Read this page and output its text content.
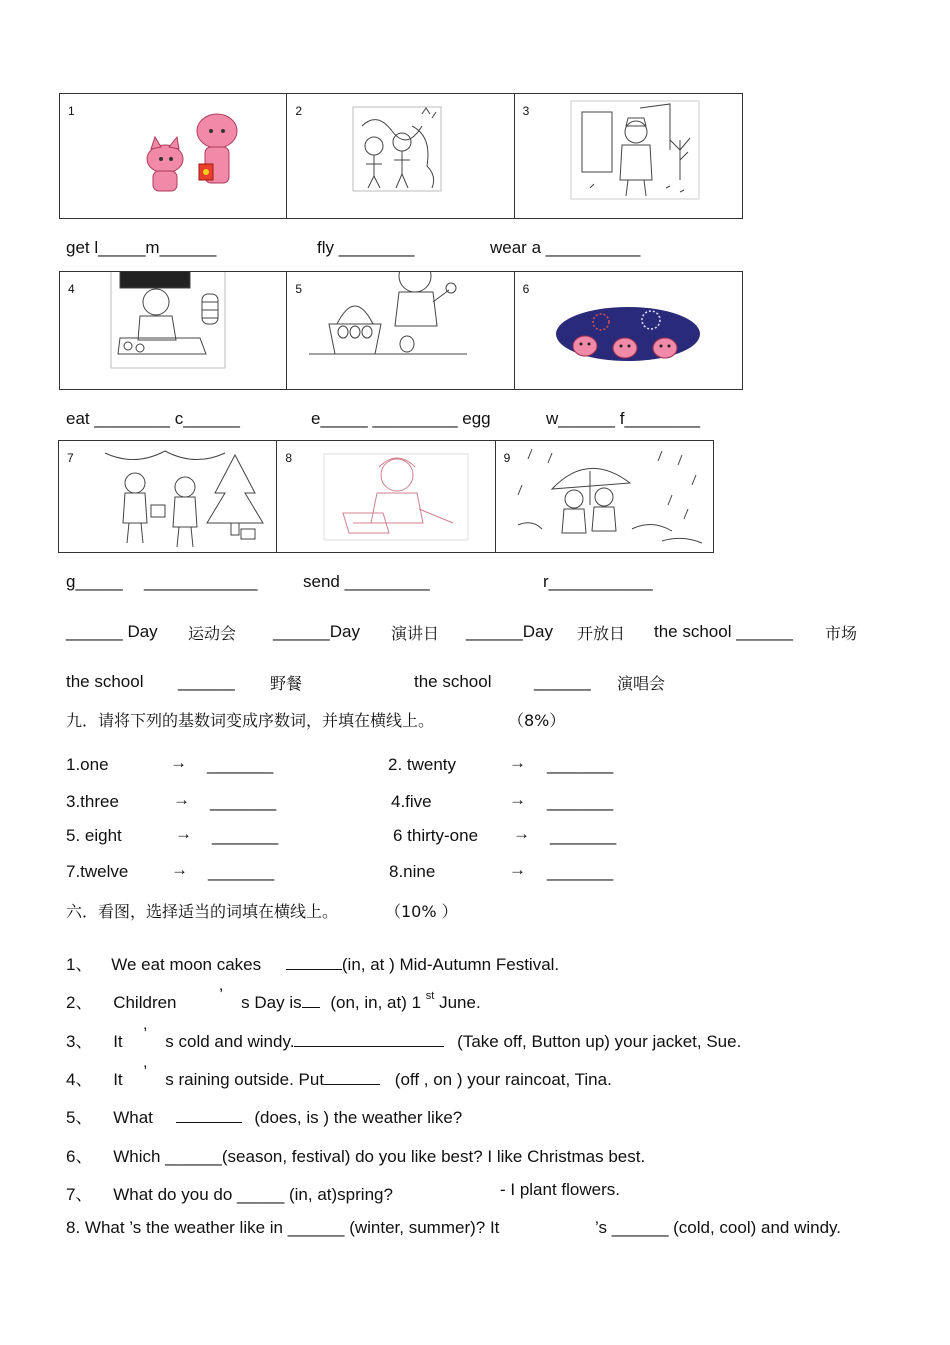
1	2	3
get l_____m______	fly ________	wear a __________
4	5	6
eat ________ c______	e_____ _________ egg	w______ f________
7	8	9
g_____ ____________	send _________	r___________
______ Day 运动会 ______Day 演讲日 ______Day 开放日 the school ______ 市场
the school ______ 野餐	the school	______ 演唱会
九．请将下列的基数词变成序数词，并填在横线上。	（8%）
1.one	→ _______	2. twenty	→ _______
3.three	→ _______	4.five	→ _______
5. eight	→ _______	6 thirty-one → _______
7.twelve	→ _______	8.nine	→ _______
六．看图，选择适当的词填在横线上。	（10% ）
1、 We eat moon cakes	(in, at ) Mid-Autumn Festival.
2、 Children	’ s Day is (on, in, at) 1 $^{st}$ June.
3、 It ’ s cold and windy.	(Take off, Button up) your jacket, Sue.
4、 It ’ s raining outside. Put	(off , on ) your raincoat, Tina.
5、 What	(does, is ) the weather like?
6、 Which ______(season, festival) do you like best? I like Christmas best.
7、 What do you do _____ (in, at)spring?	- I plant flowers.
8. What ’s the weather like in ______ (winter, summer)? It	’s ______ (cold, cool) and windy.
